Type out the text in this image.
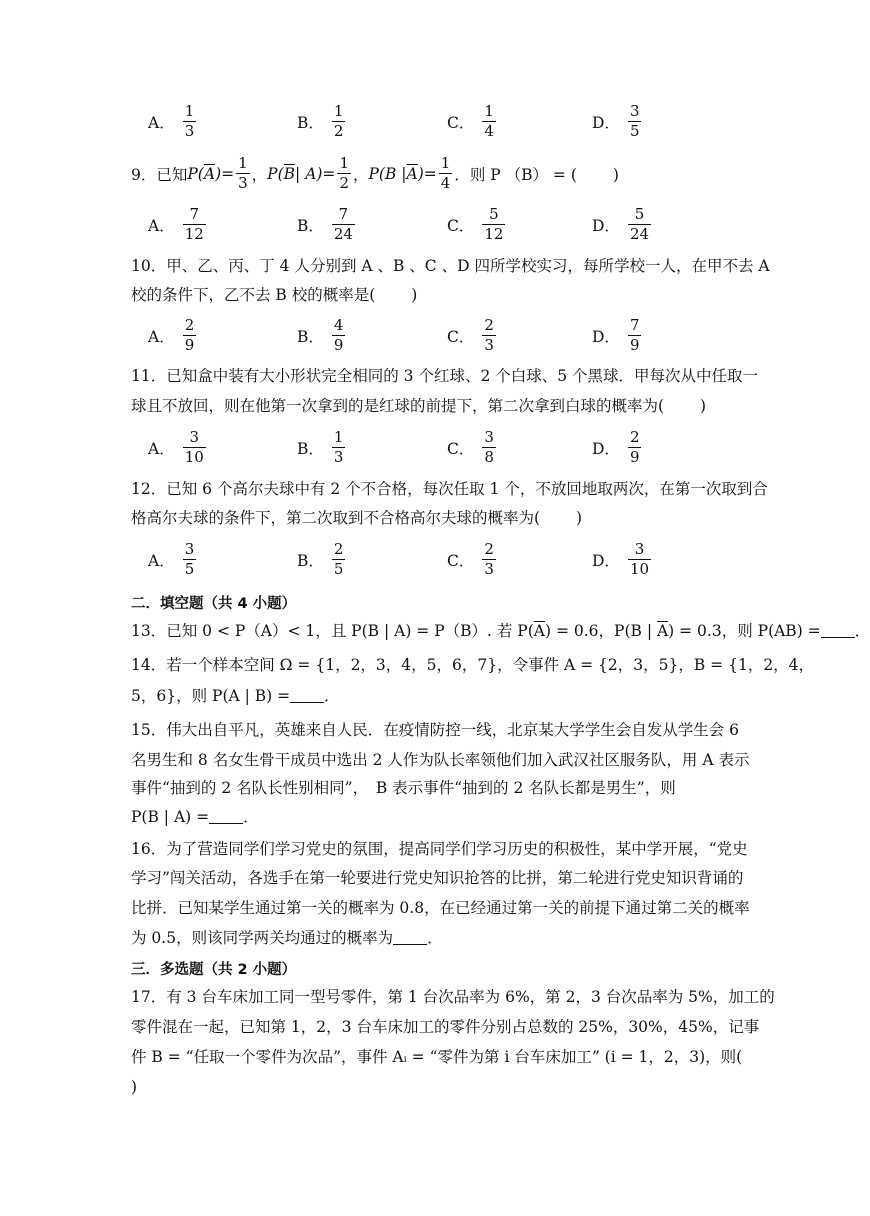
A． $\frac{1}{3}$	B． $\frac{1}{2}$	C． $\frac{1}{4}$	D． $\frac{3}{5}$
9．已知 P( $\overline{A}$ )= $\frac{1}{3}$ ， P( $\overline{B}$ | $A)= \frac{1}{2}$ ， P(B | $\overline{A}$ )= $\frac{1}{4}$ ．则 P （B） = (　　 )
A． $\frac{7}{12}$	B． $\frac{7}{24}$	C． $\frac{5}{12}$	D． $\frac{5}{24}$
10．甲、乙、丙、丁 4 人分别到 A 、B 、C 、D 四所学校实习，每所学校一人，在甲不去 A
校的条件下，乙不去 B 校的概率是(　　 )
A． $\frac{2}{9}$	B． $\frac{4}{9}$	C． $\frac{2}{3}$	D． $\frac{7}{9}$
11．已知盒中装有大小形状完全相同的 3 个红球、2 个白球、5 个黑球．甲每次从中任取一
球且不放回，则在他第一次拿到的是红球的前提下，第二次拿到白球的概率为(　　 )
A． $\frac{3}{10}$	B． $\frac{1}{3}$	C． $\frac{3}{8}$	D． $\frac{2}{9}$
12．已知 6 个高尔夫球中有 2 个不合格，每次任取 1 个，不放回地取两次，在第一次取到合
格高尔夫球的条件下，第二次取到不合格高尔夫球的概率为(　　 )
A． $\frac{3}{5}$	B． $\frac{2}{5}$	C． $\frac{2}{3}$	D． $\frac{3}{10}$
二．填空题（共 4 小题）
13．已知 0 < P（A）< 1，且 P(B | A) = P（B）. 若 $P(\overline{A}) = 0.6$，P(B | $\overline{A}) = 0.3$，则 P(AB) = ．
14．若一个样本空间 Ω = {1，2，3，4，5，6，7}，令事件 A = {2，3，5}，B = {1，2，4，
5，6}，则 P(A | B) = ．
15．伟大出自平凡，英雄来自人民．在疫情防控一线，北京某大学学生会自发从学生会 6
名男生和 8 名女生骨干成员中选出 2 人作为队长率领他们加入武汉社区服务队，用 A 表示
事件“抽到的 2 名队长性别相同”，　B 表示事件“抽到的 2 名队长都是男生”，则
P(B | A) = ．
16．为了营造同学们学习党史的氛围，提高同学们学习历史的积极性，某中学开展，“党史
学习”闯关活动，各选手在第一轮要进行党史知识抢答的比拼，第二轮进行党史知识背诵的
比拼．已知某学生通过第一关的概率为 0.8，在已经通过第一关的前提下通过第二关的概率
为 0.5，则该同学两关均通过的概率为 ．
三．多选题（共 2 小题）
17．有 3 台车床加工同一型号零件，第 1 台次品率为 6%，第 2，3 台次品率为 5%，加工的
零件混在一起，已知第 1，2，3 台车床加工的零件分别占总数的 25%，30%，45%，记事
件 B = “任取一个零件为次品”，事件 Aᵢ = “零件为第 i 台车床加工” (i = 1，2，3)，则(
)
